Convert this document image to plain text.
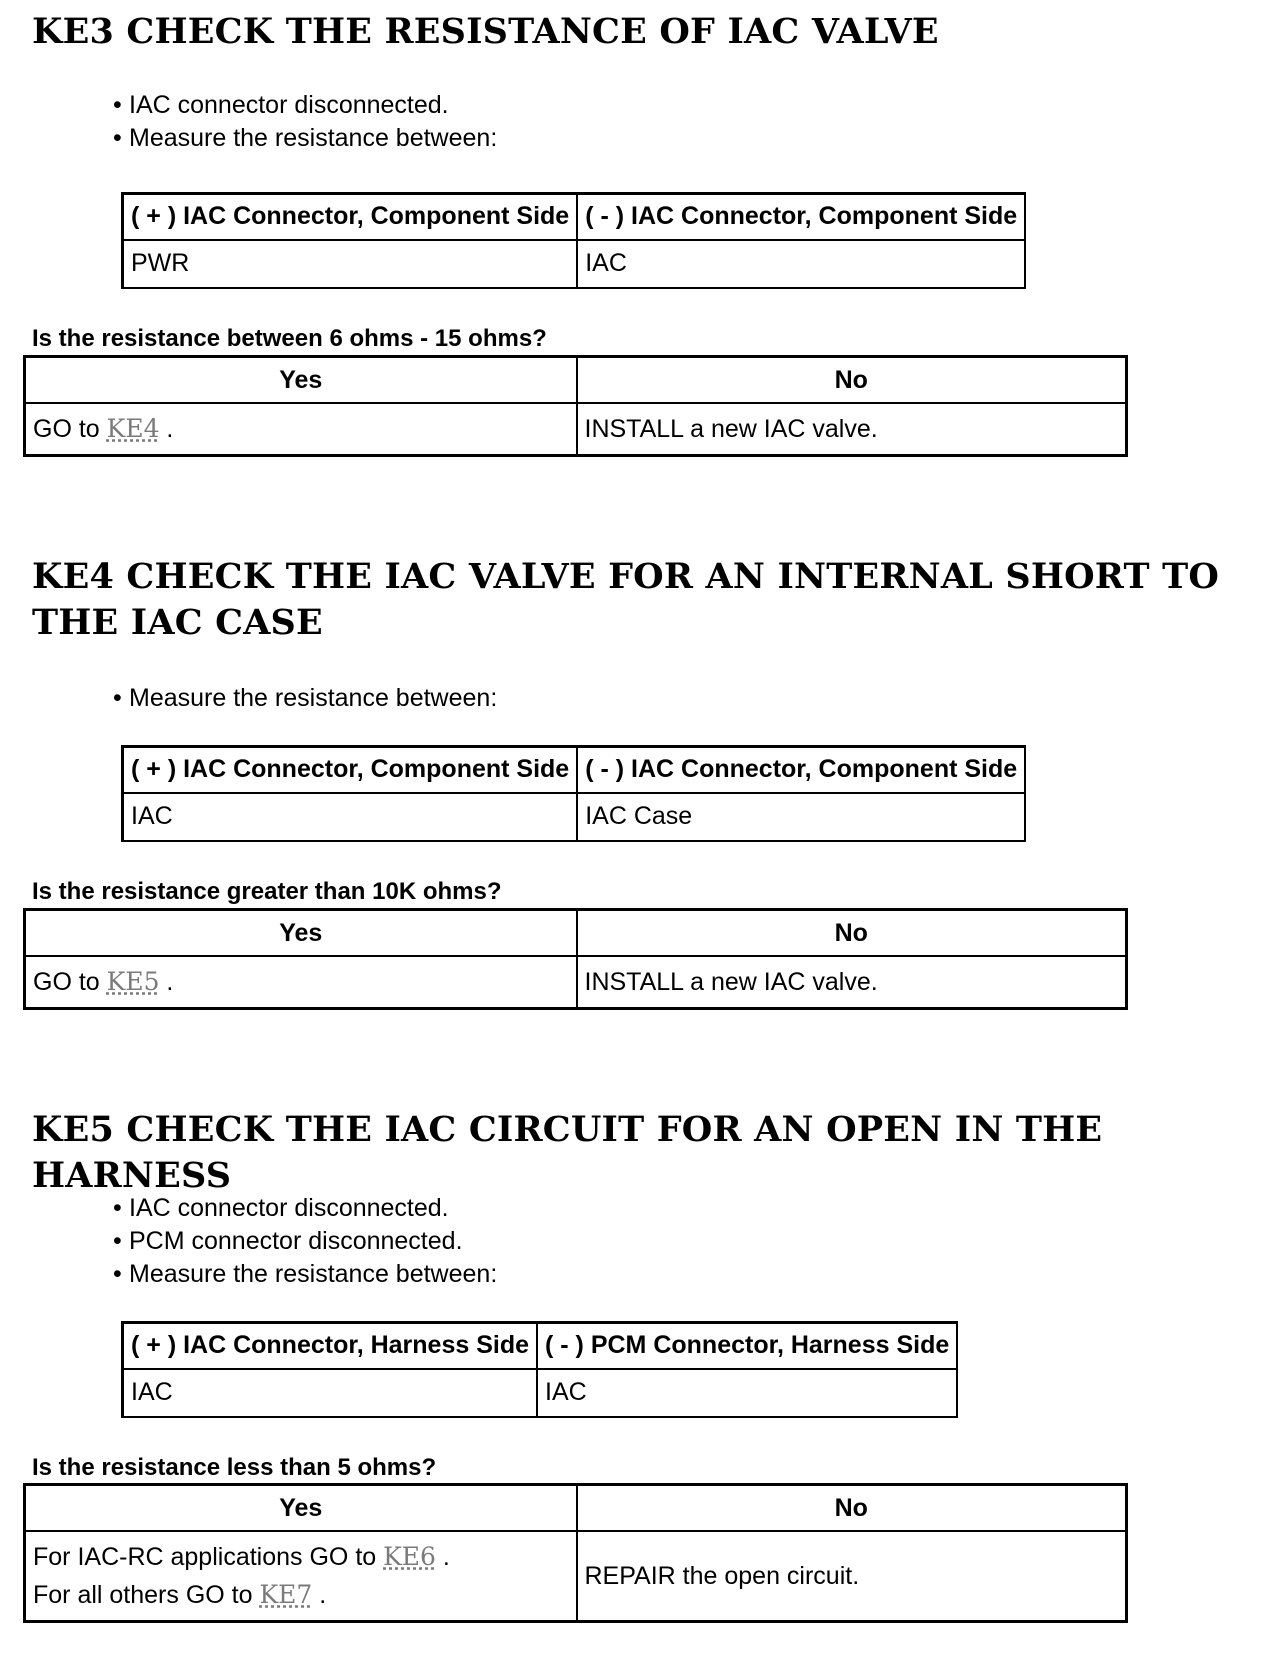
KE3 CHECK THE RESISTANCE OF IAC VALVE
• IAC connector disconnected.
• Measure the resistance between:
( + ) IAC Connector, Component Side	( - ) IAC Connector, Component Side
PWR	IAC

Is the resistance between 6 ohms - 15 ohms?

Yes	No
GO to KE4 .	INSTALL a new IAC valve.
KE4 CHECK THE IAC VALVE FOR AN INTERNAL SHORT TO
THE IAC CASE
• Measure the resistance between:
( + ) IAC Connector, Component Side	( - ) IAC Connector, Component Side
IAC	IAC Case

Is the resistance greater than 10K ohms?

Yes	No
GO to KE5 .	INSTALL a new IAC valve.
KE5 CHECK THE IAC CIRCUIT FOR AN OPEN IN THE HARNESS
• IAC connector disconnected.
• PCM connector disconnected.
• Measure the resistance between:
( + ) IAC Connector, Harness Side	( - ) PCM Connector, Harness Side
IAC	IAC

Is the resistance less than 5 ohms?

Yes	No

For IAC-RC applications GO to KE6 .
For all others GO to KE7 .	REPAIR the open circuit.
